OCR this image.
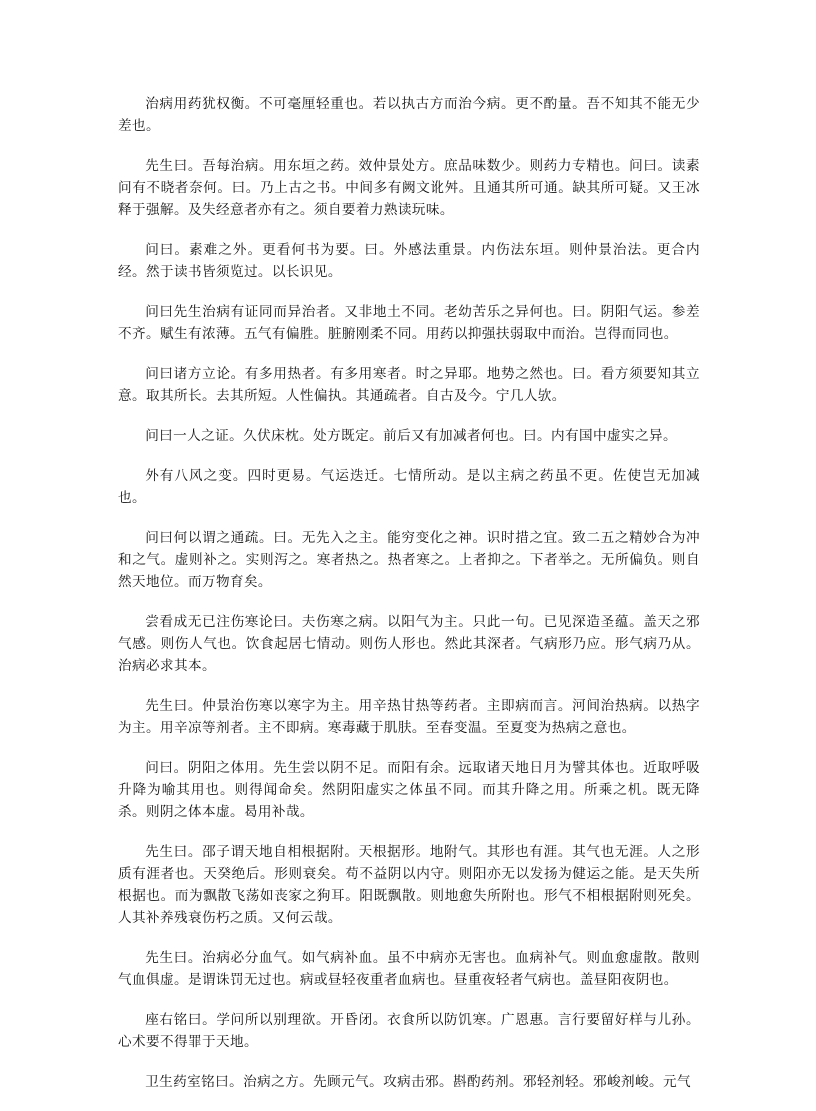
治病用药犹权衡。不可毫厘轻重也。若以执古方而治今病。更不酌量。吾不知其不能无少差也。

先生曰。吾每治病。用东垣之药。效仲景处方。庶品味数少。则药力专精也。问曰。读素问有不晓者奈何。曰。乃上古之书。中间多有阙文讹舛。且通其所可通。缺其所可疑。又王冰释于强解。及失经意者亦有之。须自要着力熟读玩味。

问曰。素难之外。更看何书为要。曰。外感法重景。内伤法东垣。则仲景治法。更合内经。然于读书皆须览过。以长识见。

问曰先生治病有证同而异治者。又非地土不同。老幼苦乐之异何也。曰。阴阳气运。参差不齐。赋生有浓薄。五气有偏胜。脏腑刚柔不同。用药以抑强扶弱取中而治。岂得而同也。

问曰诸方立论。有多用热者。有多用寒者。时之异耶。地势之然也。曰。看方须要知其立意。取其所长。去其所短。人性偏执。其通疏者。自古及今。宁几人欤。

问曰一人之证。久伏床枕。处方既定。前后又有加减者何也。曰。内有国中虚实之异。

外有八风之变。四时更易。气运迭迁。七情所动。是以主病之药虽不更。佐使岂无加减也。

问曰何以谓之通疏。曰。无先入之主。能穷变化之神。识时措之宜。致二五之精妙合为冲和之气。虚则补之。实则泻之。寒者热之。热者寒之。上者抑之。下者举之。无所偏负。则自然天地位。而万物育矣。

尝看成无已注伤寒论曰。夫伤寒之病。以阳气为主。只此一句。已见深造圣蕴。盖天之邪气感。则伤人气也。饮食起居七情动。则伤人形也。然此其深者。气病形乃应。形气病乃从。治病必求其本。

先生曰。仲景治伤寒以寒字为主。用辛热甘热等药者。主即病而言。河间治热病。以热字为主。用辛凉等剂者。主不即病。寒毒藏于肌肤。至春变温。至夏变为热病之意也。

问曰。阴阳之体用。先生尝以阴不足。而阳有余。远取诸天地日月为譬其体也。近取呼吸升降为喻其用也。则得闻命矣。然阴阳虚实之体虽不同。而其升降之用。所乘之机。既无降杀。则阴之体本虚。曷用补哉。

先生曰。邵子谓天地自相根据附。天根据形。地附气。其形也有涯。其气也无涯。人之形质有涯者也。天癸绝后。形则衰矣。苟不益阴以内守。则阳亦无以发扬为健运之能。是天失所根据也。而为飘散飞荡如丧家之狗耳。阳既飘散。则地愈失所附也。形气不相根据附则死矣。人其补养残衰伤朽之质。又何云哉。

先生曰。治病必分血气。如气病补血。虽不中病亦无害也。血病补气。则血愈虚散。散则气血俱虚。是谓诛罚无过也。病或昼轻夜重者血病也。昼重夜轻者气病也。盖昼阳夜阴也。

座右铭曰。学问所以别理欲。开昏闭。衣食所以防饥寒。广恩惠。言行要留好样与儿孙。心术要不得罪于天地。

卫生药室铭曰。治病之方。先顾元气。攻病击邪。斟酌药剂。邪轻剂轻。邪峻剂峻。元气
